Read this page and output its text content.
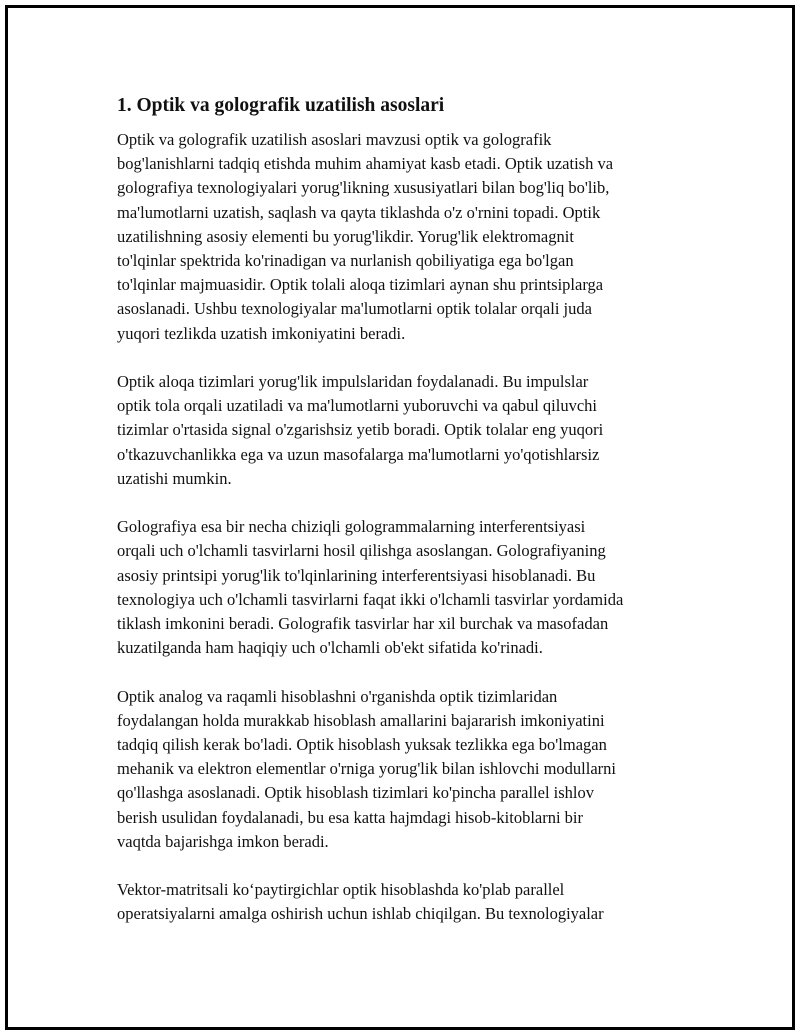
1. Optik va golografik uzatilish asoslari

Optik va golografik uzatilish asoslari mavzusi optik va golografik
bog'lanishlarni tadqiq etishda muhim ahamiyat kasb etadi. Optik uzatish va
golografiya texnologiyalari yorug'likning xususiyatlari bilan bog'liq bo'lib,
ma'lumotlarni uzatish, saqlash va qayta tiklashda o'z o'rnini topadi. Optik
uzatilishning asosiy elementi bu yorug'likdir. Yorug'lik elektromagnit
to'lqinlar spektrida ko'rinadigan va nurlanish qobiliyatiga ega bo'lgan
to'lqinlar majmuasidir. Optik tolali aloqa tizimlari aynan shu printsiplarga
asoslanadi. Ushbu texnologiyalar ma'lumotlarni optik tolalar orqali juda
yuqori tezlikda uzatish imkoniyatini beradi.

Optik aloqa tizimlari yorug'lik impulslaridan foydalanadi. Bu impulslar
optik tola orqali uzatiladi va ma'lumotlarni yuboruvchi va qabul qiluvchi
tizimlar o'rtasida signal o'zgarishsiz yetib boradi. Optik tolalar eng yuqori
o'tkazuvchanlikka ega va uzun masofalarga ma'lumotlarni yo'qotishlarsiz
uzatishi mumkin.

Golografiya esa bir necha chiziqli gologrammalarning interferentsiyasi
orqali uch o'lchamli tasvirlarni hosil qilishga asoslangan. Golografiyaning
asosiy printsipi yorug'lik to'lqinlarining interferentsiyasi hisoblanadi. Bu
texnologiya uch o'lchamli tasvirlarni faqat ikki o'lchamli tasvirlar yordamida
tiklash imkonini beradi. Golografik tasvirlar har xil burchak va masofadan
kuzatilganda ham haqiqiy uch o'lchamli ob'ekt sifatida ko'rinadi.

Optik analog va raqamli hisoblashni o'rganishda optik tizimlaridan
foydalangan holda murakkab hisoblash amallarini bajararish imkoniyatini
tadqiq qilish kerak bo'ladi. Optik hisoblash yuksak tezlikka ega bo'lmagan
mehanik va elektron elementlar o'rniga yorug'lik bilan ishlovchi modullarni
qo'llashga asoslanadi. Optik hisoblash tizimlari ko'pincha parallel ishlov
berish usulidan foydalanadi, bu esa katta hajmdagi hisob-kitoblarni bir
vaqtda bajarishga imkon beradi.

Vektor-matritsali koʻpaytirgichlar optik hisoblashda ko'plab parallel
operatsiyalarni amalga oshirish uchun ishlab chiqilgan. Bu texnologiyalar
